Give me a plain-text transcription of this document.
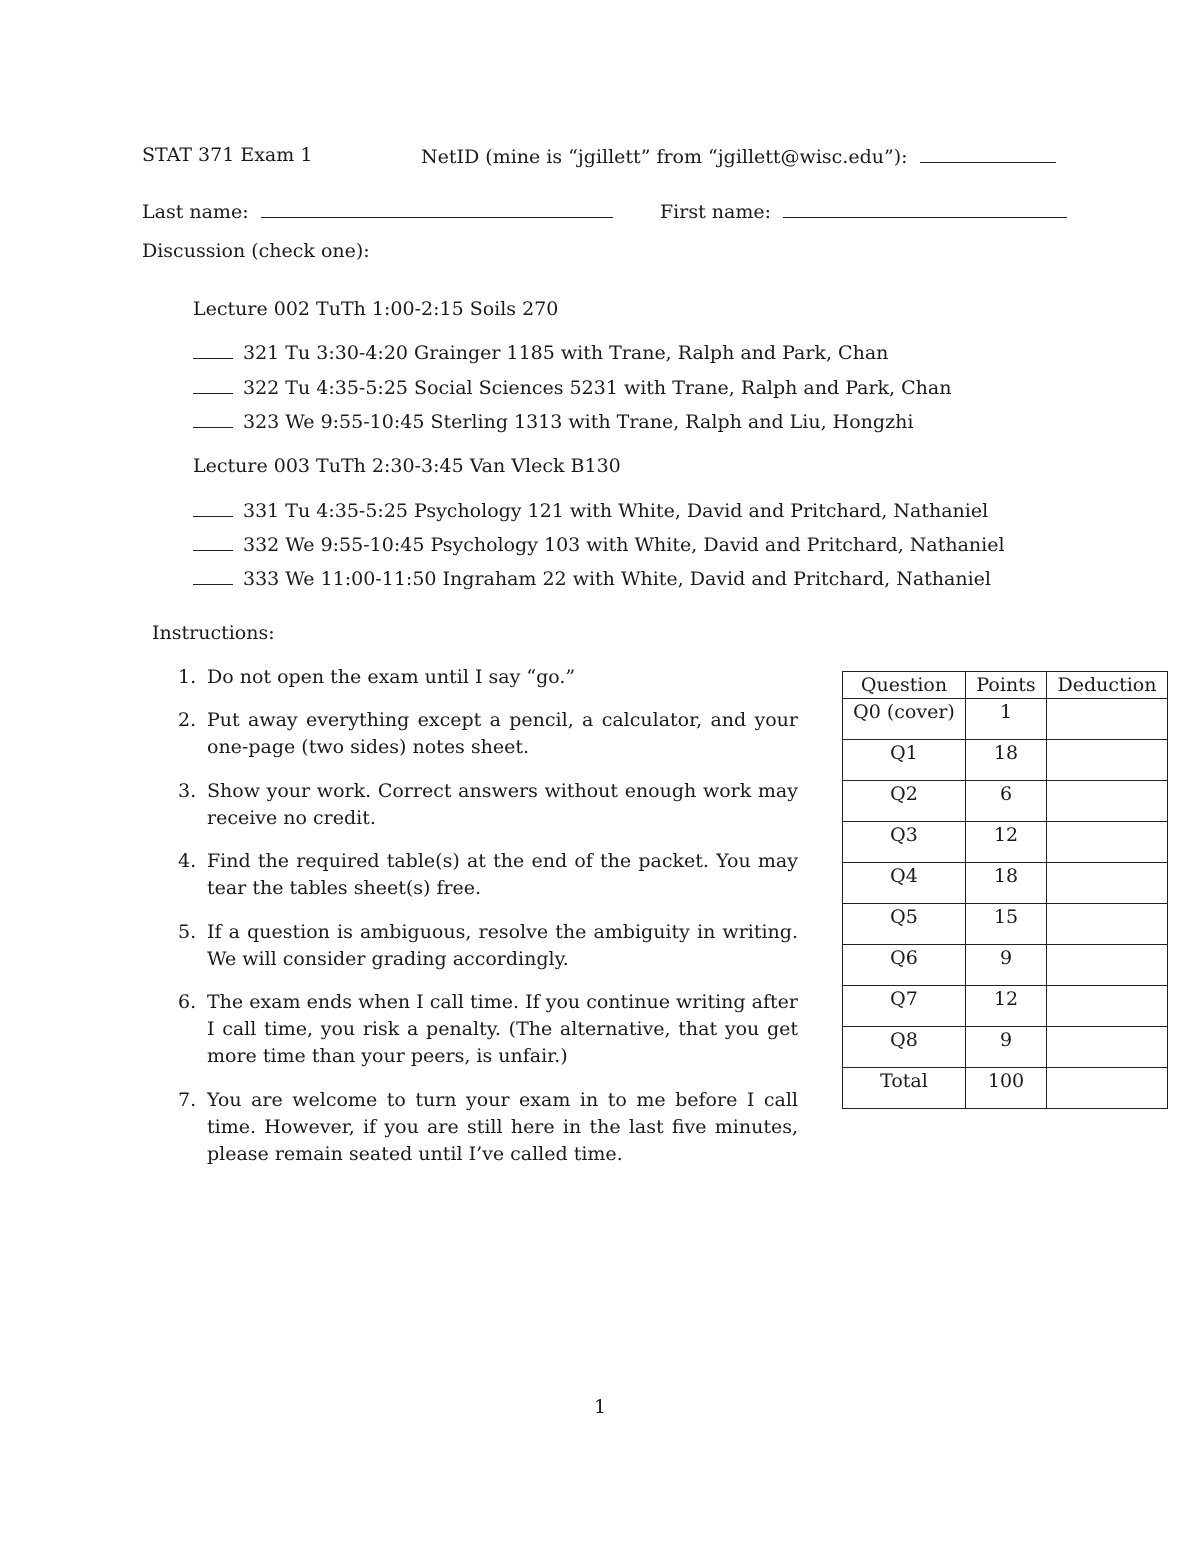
STAT 371 Exam 1	NetID (mine is “jgillett” from “jgillett@wisc.edu”):
Last name:	First name:
Discussion (check one):
Lecture 002 TuTh 1:00-2:15 Soils 270
321 Tu 3:30-4:20 Grainger 1185 with Trane, Ralph and Park, Chan
322 Tu 4:35-5:25 Social Sciences 5231 with Trane, Ralph and Park, Chan
323 We 9:55-10:45 Sterling 1313 with Trane, Ralph and Liu, Hongzhi
Lecture 003 TuTh 2:30-3:45 Van Vleck B130
331 Tu 4:35-5:25 Psychology 121 with White, David and Pritchard, Nathaniel
332 We 9:55-10:45 Psychology 103 with White, David and Pritchard, Nathaniel
333 We 11:00-11:50 Ingraham 22 with White, David and Pritchard, Nathaniel
Instructions:
1. Do not open the exam until I say “go.”
2. Put away everything except a pencil, a calculator, and your one-page (two sides) notes sheet.
3. Show your work. Correct answers without enough work may receive no credit.
4. Find the required table(s) at the end of the packet. You may tear the tables sheet(s) free.
5. If a question is ambiguous, resolve the ambiguity in writing. We will consider grading accordingly.
6. The exam ends when I call time. If you continue writing after I call time, you risk a penalty. (The alternative, that you get more time than your peers, is unfair.)
7. You are welcome to turn your exam in to me before I call time. However, if you are still here in the last five minutes, please remain seated until I’ve called time.
Question	Points	Deduction
Q0 (cover)	1	
Q1	18	
Q2	6	
Q3	12	
Q4	18	
Q5	15	
Q6	9	
Q7	12	
Q8	9	
Total	100	
1
